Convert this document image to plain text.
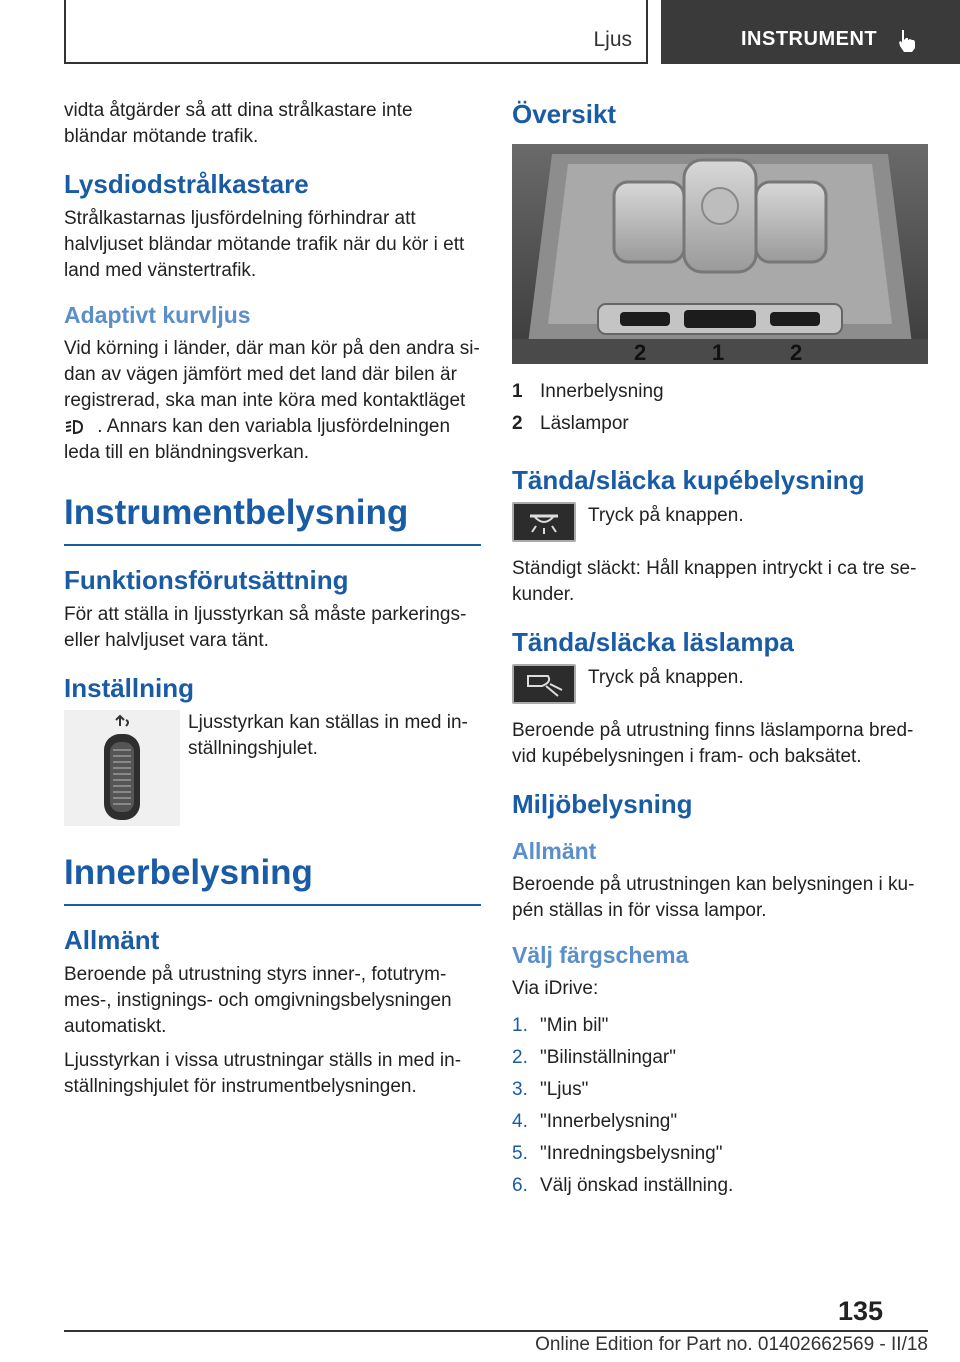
Ljus	INSTRUMENT

vidta åtgärder så att dina strålkastare inte bländar mötande trafik.

Lysdiodstrålkastare

Strålkastarnas ljusfördelning förhindrar att halvljuset bländar mötande trafik när du kör i ett land med vänstertrafik.

Adaptivt kurvljus

Vid körning i länder, där man kör på den andra sidan av vägen jämfört med det land där bilen är registrerad, ska man inte köra med kontaktläget  . Annars kan den variabla ljusfördelningen leda till en bländningsverkan.

Instrumentbelysning
Funktionsförutsättning

För att ställa in ljusstyrkan så måste parkeringseller halvljuset vara tänt.

Inställning
Ljusstyrkan kan ställas in med inställningshjulet.
Innerbelysning
Allmänt

Beroende på utrustning styrs inner-, fotutrymmes-, instignings- och omgivningsbelysningen automatiskt.

Ljusstyrkan i vissa utrustningar ställs in med inställningshjulet för instrumentbelysningen.

Översikt
2	1	2
1 Innerbelysning
2 Läslampor
Tända/släcka kupébelysning
Tryck på knappen.

Ständigt släckt: Håll knappen intryckt i ca tre sekunder.

Tända/släcka läslampa
Tryck på knappen.

Beroende på utrustning finns läslamporna bredvid kupébelysningen i fram- och baksätet.

Miljöbelysning
Allmänt

Beroende på utrustningen kan belysningen i kupén ställas in för vissa lampor.

Välj färgschema

Via iDrive:

1. "Min bil"
2. "Bilinställningar"
3. "Ljus"
4. "Innerbelysning"
5. "Inredningsbelysning"
6. Välj önskad inställning.
135
Online Edition for Part no. 01402662569 - II/18
